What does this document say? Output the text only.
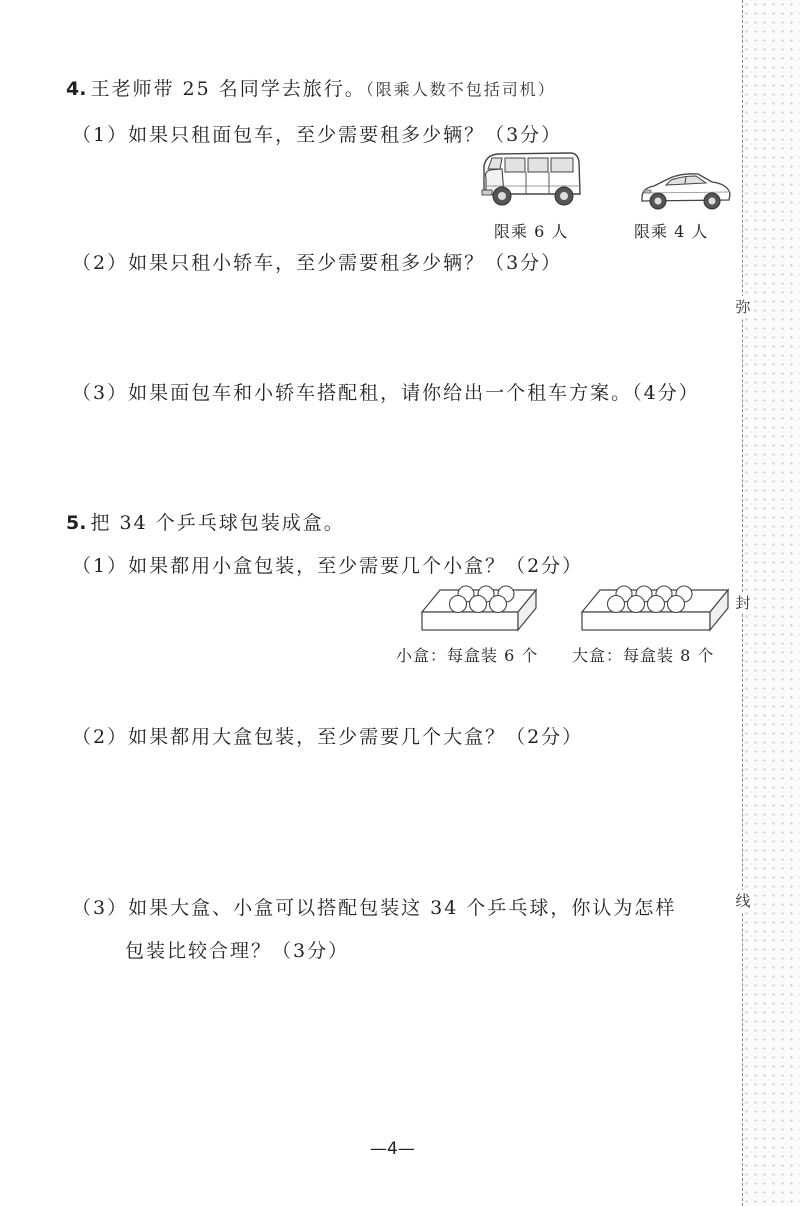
弥
封
线
4. 王老师带 25 名同学去旅行。（限乘人数不包括司机）
（1）如果只租面包车，至少需要租多少辆？（3分）
限乘 6 人	限乘 4 人
（2）如果只租小轿车，至少需要租多少辆？（3分）
（3）如果面包车和小轿车搭配租，请你给出一个租车方案。（4分）
5. 把 34 个乒乓球包装成盒。
（1）如果都用小盒包装，至少需要几个小盒？（2分）
小盒：每盒装 6 个 大盒：每盒装 8 个
（2）如果都用大盒包装，至少需要几个大盒？（2分）
（3）如果大盒、小盒可以搭配包装这 34 个乒乓球，你认为怎样
包装比较合理？（3分）
—4—
